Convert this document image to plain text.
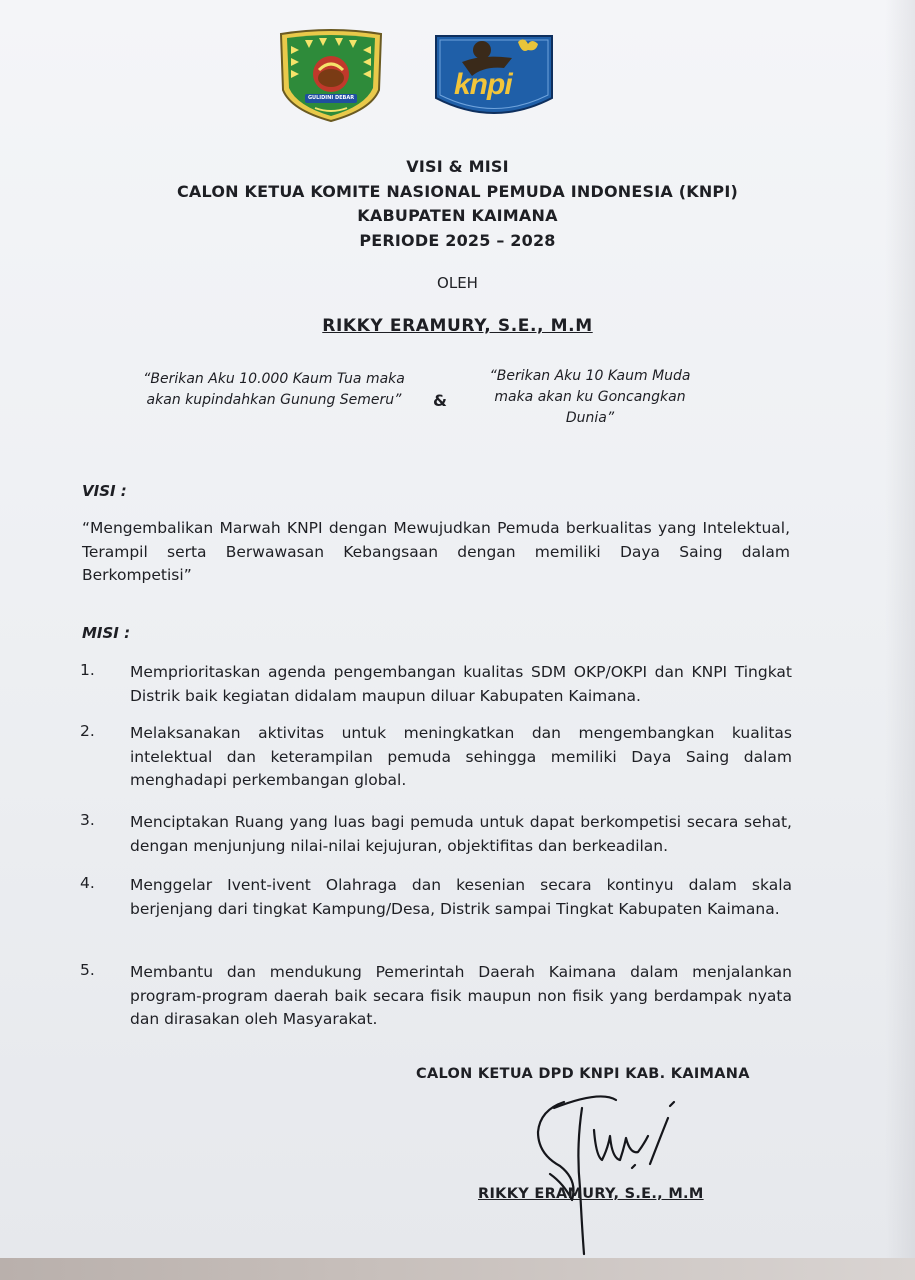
GULIDINI DEBAR	knpi
VISI & MISI
CALON KETUA KOMITE NASIONAL PEMUDA INDONESIA (KNPI)
KABUPATEN KAIMANA
PERIODE 2025 – 2028
OLEH
RIKKY ERAMURY, S.E., M.M
“Berikan Aku 10.000 Kaum Tua maka akan kupindahkan Gunung Semeru”	&
“Berikan Aku 10 Kaum Muda maka akan ku Goncangkan Dunia”
VISI :
“Mengembalikan Marwah KNPI dengan Mewujudkan Pemuda berkualitas yang Intelektual, Terampil serta Berwawasan Kebangsaan dengan memiliki Daya Saing dalam Berkompetisi”
MISI :
1. Memprioritaskan agenda pengembangan kualitas SDM OKP/OKPI dan KNPI Tingkat Distrik baik kegiatan didalam maupun diluar Kabupaten Kaimana.
2. Melaksanakan aktivitas untuk meningkatkan dan mengembangkan kualitas intelektual dan keterampilan pemuda sehingga memiliki Daya Saing dalam menghadapi perkembangan global.
3. Menciptakan Ruang yang luas bagi pemuda untuk dapat berkompetisi secara sehat, dengan menjunjung nilai-nilai kejujuran, objektifitas dan berkeadilan.
4. Menggelar Ivent-ivent Olahraga dan kesenian secara kontinyu dalam skala berjenjang dari tingkat Kampung/Desa, Distrik sampai Tingkat Kabupaten Kaimana.
5. Membantu dan mendukung Pemerintah Daerah Kaimana dalam menjalankan program-program daerah baik secara fisik maupun non fisik yang berdampak nyata dan dirasakan oleh Masyarakat.
CALON KETUA DPD KNPI KAB. KAIMANA
RIKKY ERAMURY, S.E., M.M
